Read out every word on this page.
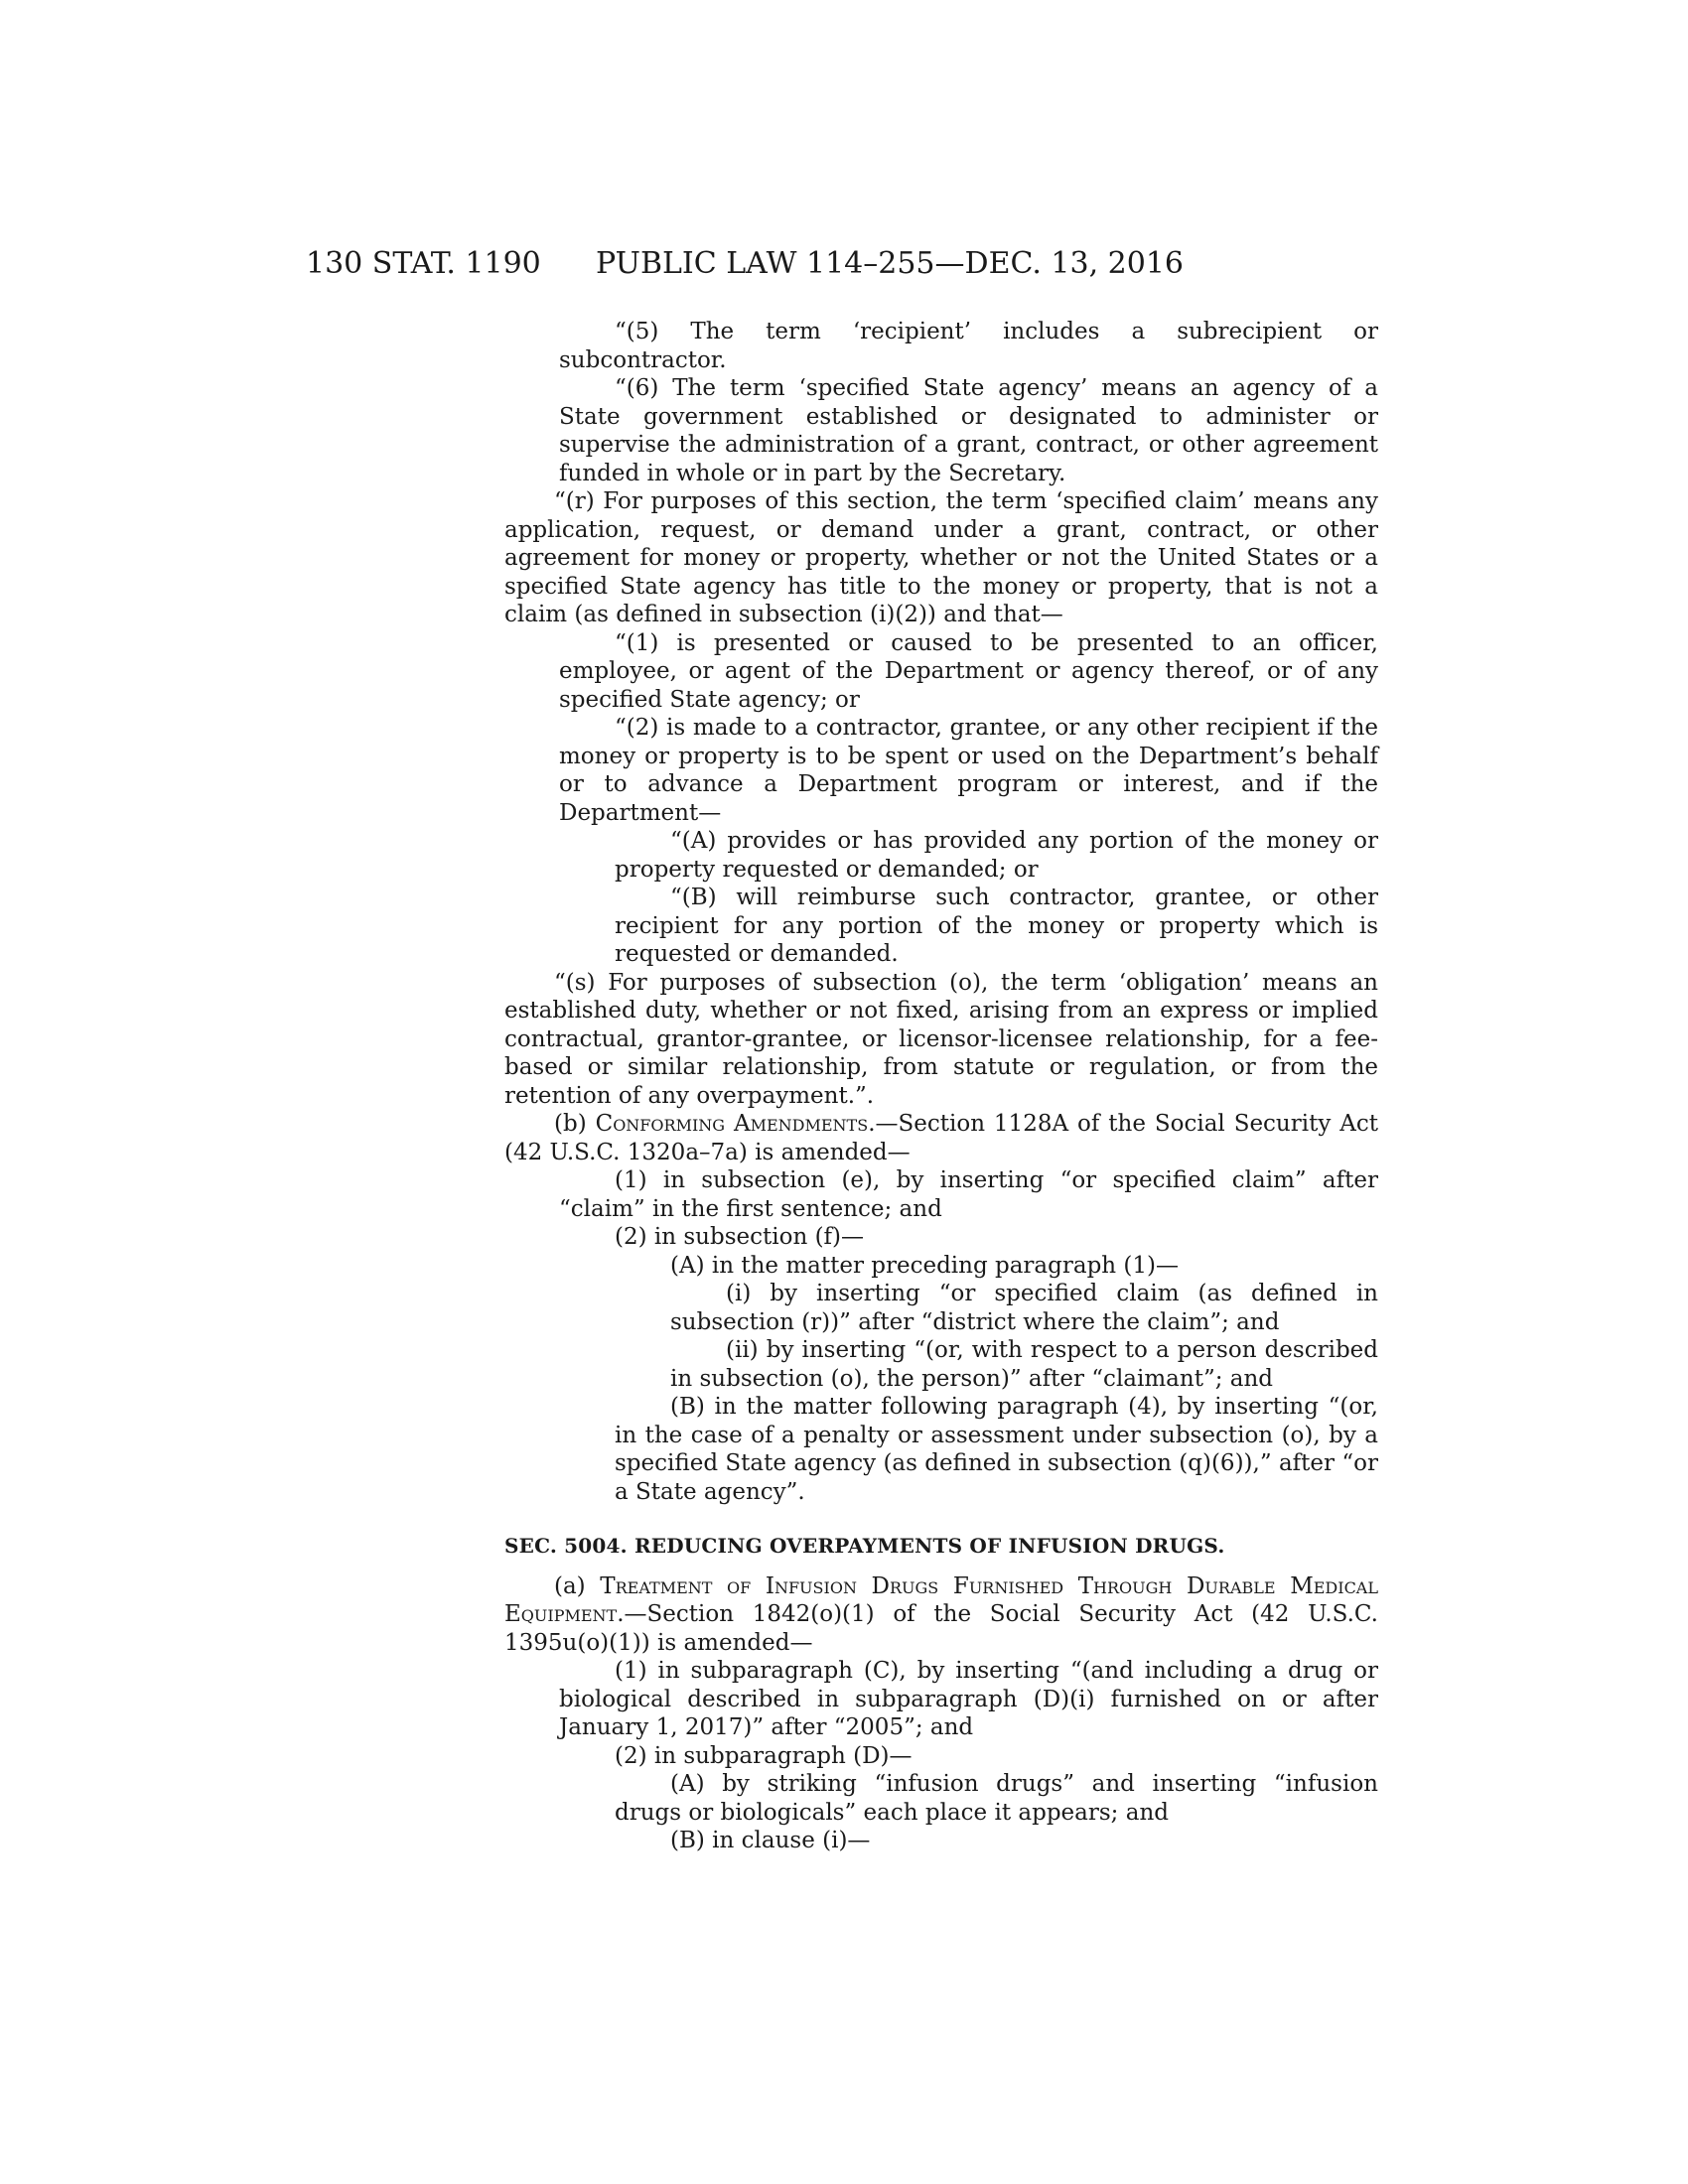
130 STAT. 1190 PUBLIC LAW 114–255—DEC. 13, 2016

“(5) The term ‘recipient’ includes a subrecipient or subcontractor.

“(6) The term ‘specified State agency’ means an agency of a State government established or designated to administer or supervise the administration of a grant, contract, or other agreement funded in whole or in part by the Secretary.

“(r) For purposes of this section, the term ‘specified claim’ means any application, request, or demand under a grant, contract, or other agreement for money or property, whether or not the United States or a specified State agency has title to the money or property, that is not a claim (as defined in subsection (i)(2)) and that—

“(1) is presented or caused to be presented to an officer, employee, or agent of the Department or agency thereof, or of any specified State agency; or

“(2) is made to a contractor, grantee, or any other recipient if the money or property is to be spent or used on the Department’s behalf or to advance a Department program or interest, and if the Department—

“(A) provides or has provided any portion of the money or property requested or demanded; or

“(B) will reimburse such contractor, grantee, or other recipient for any portion of the money or property which is requested or demanded.

“(s) For purposes of subsection (o), the term ‘obligation’ means an established duty, whether or not fixed, arising from an express or implied contractual, grantor-grantee, or licensor-licensee relationship, for a fee-based or similar relationship, from statute or regulation, or from the retention of any overpayment.”.

(b) Conforming Amendments.—Section 1128A of the Social Security Act (42 U.S.C. 1320a–7a) is amended—

(1) in subsection (e), by inserting “or specified claim” after “claim” in the first sentence; and

(2) in subsection (f)—

(A) in the matter preceding paragraph (1)—

(i) by inserting “or specified claim (as defined in subsection (r))” after “district where the claim”; and

(ii) by inserting “(or, with respect to a person described in subsection (o), the person)” after “claimant”; and

(B) in the matter following paragraph (4), by inserting “(or, in the case of a penalty or assessment under subsection (o), by a specified State agency (as defined in subsection (q)(6)),” after “or a State agency”.

SEC. 5004. REDUCING OVERPAYMENTS OF INFUSION DRUGS.

(a) Treatment of Infusion Drugs Furnished Through Durable Medical Equipment.—Section 1842(o)(1) of the Social Security Act (42 U.S.C. 1395u(o)(1)) is amended—

(1) in subparagraph (C), by inserting “(and including a drug or biological described in subparagraph (D)(i) furnished on or after January 1, 2017)” after “2005”; and

(2) in subparagraph (D)—

(A) by striking “infusion drugs” and inserting “infusion drugs or biologicals” each place it appears; and

(B) in clause (i)—
